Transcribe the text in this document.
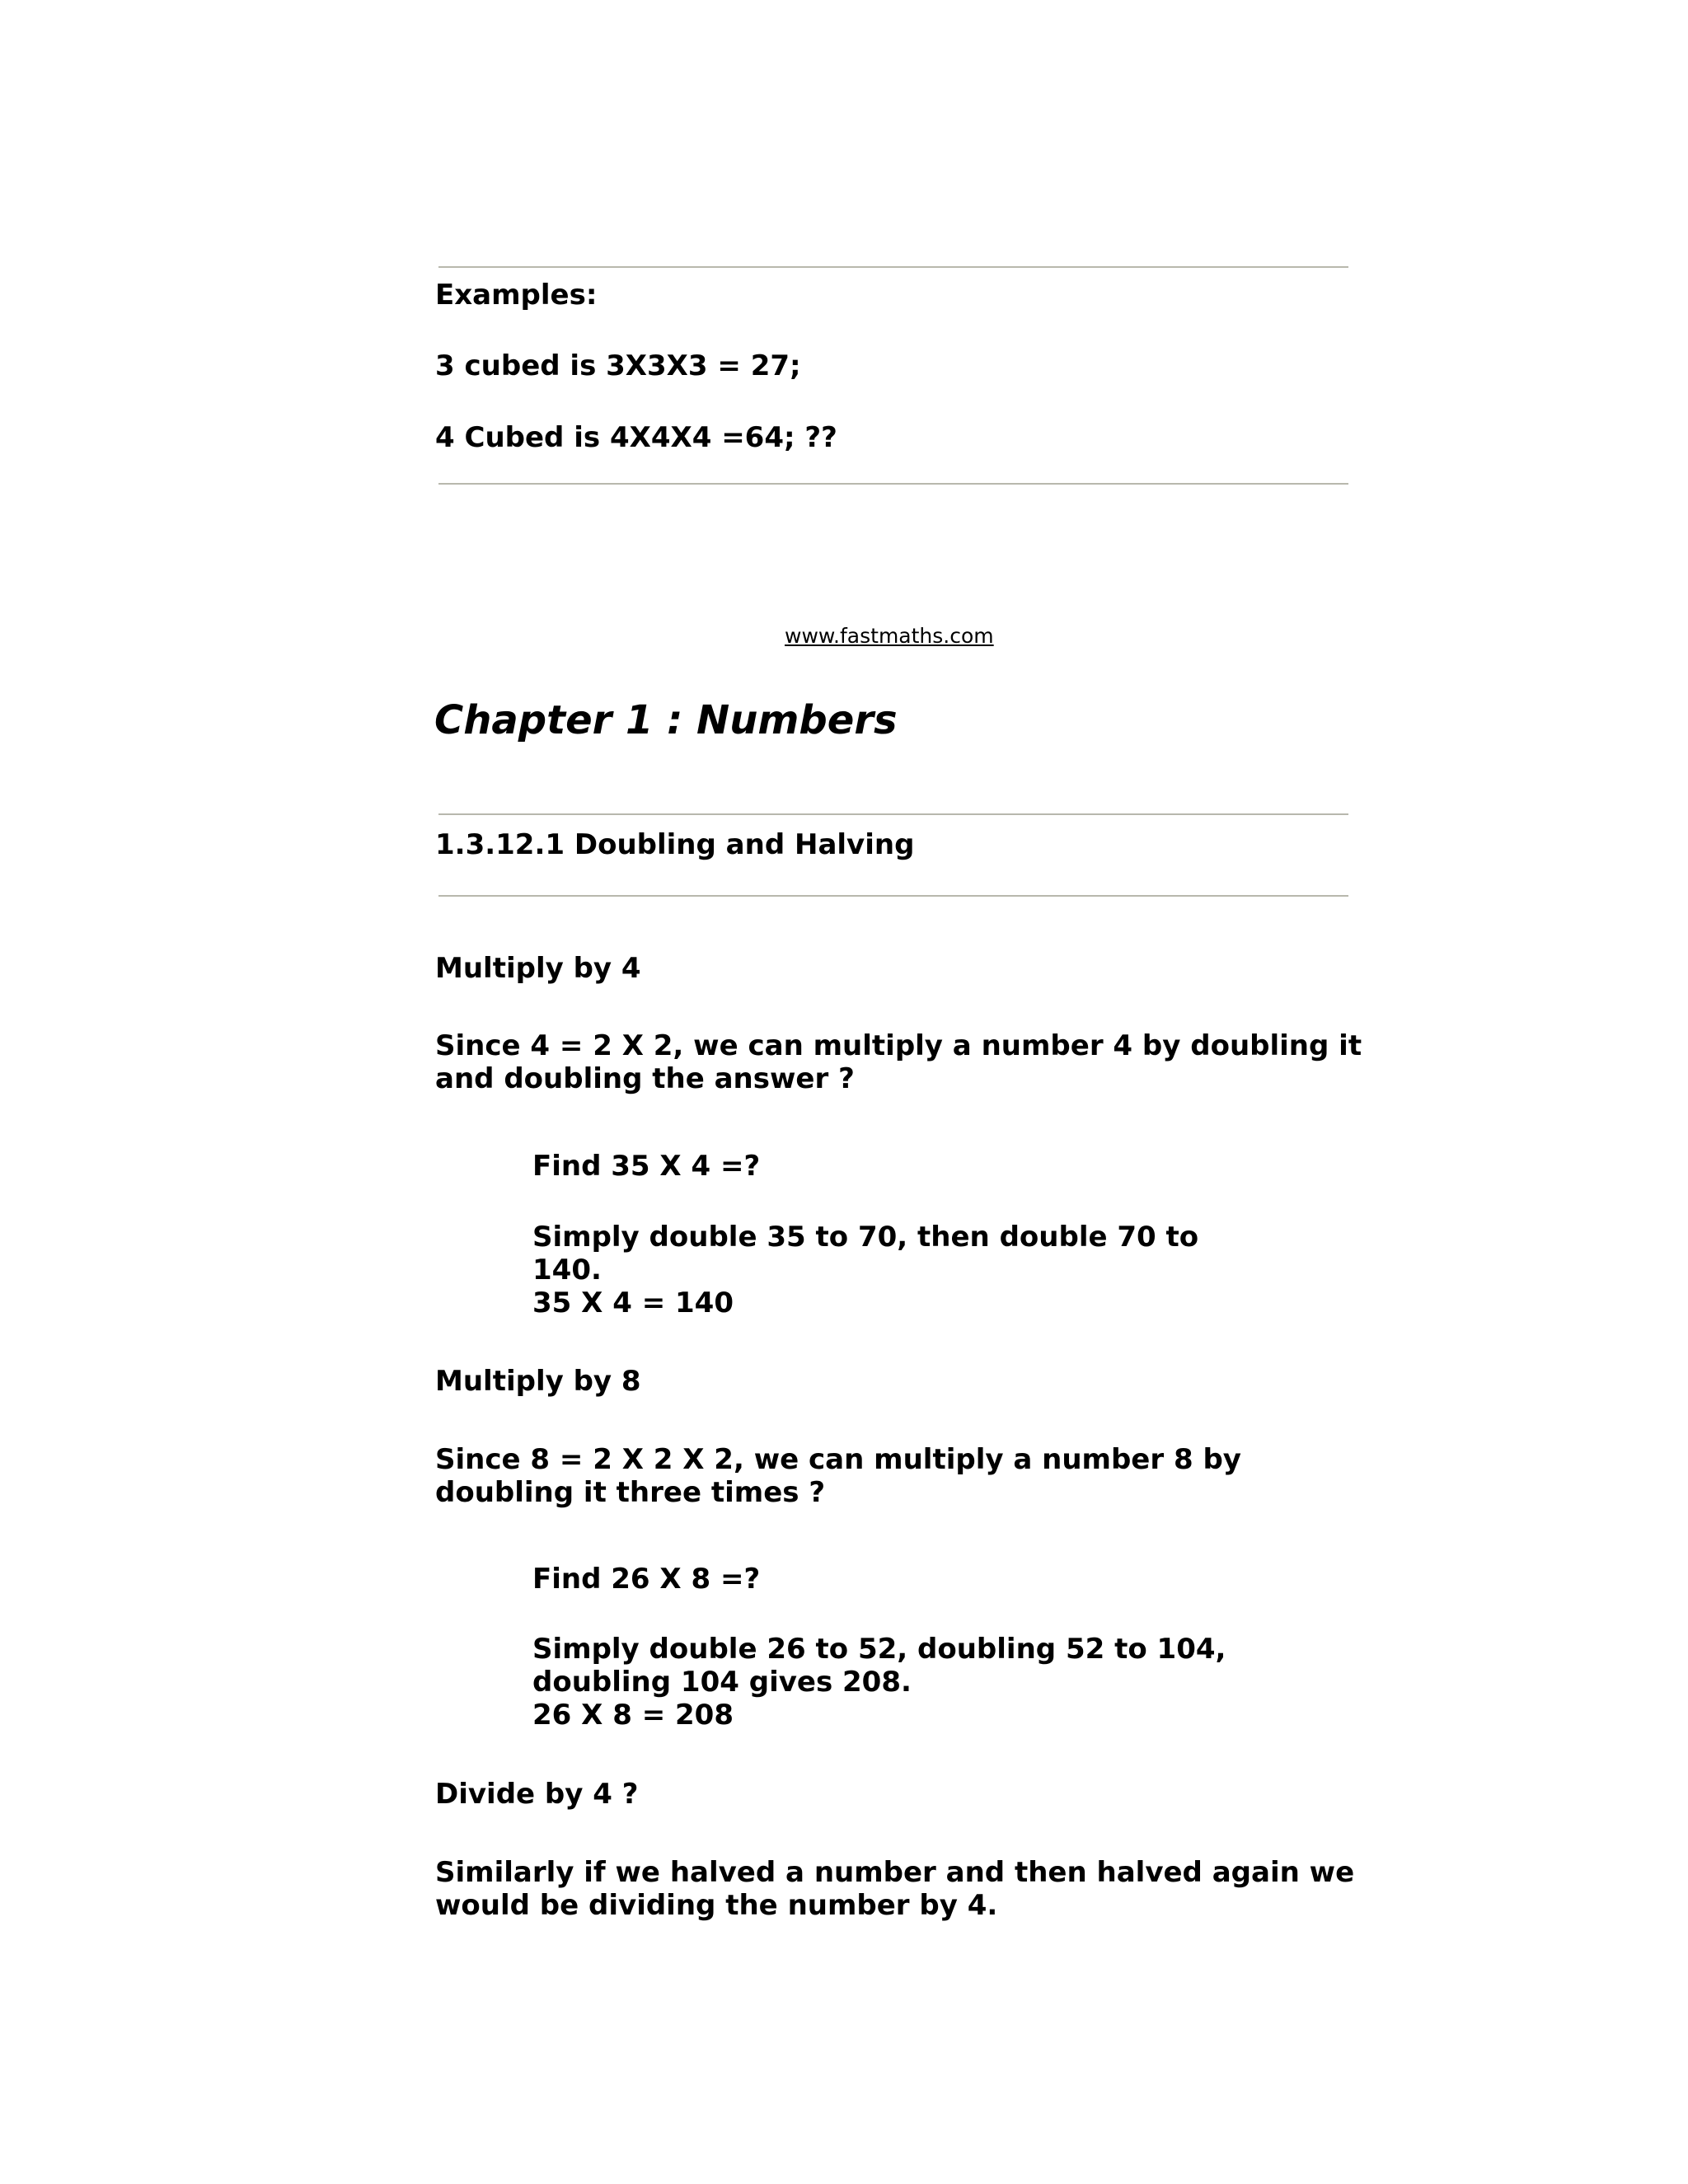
Examples:

3 cubed is 3X3X3 = 27;

4 Cubed is 4X4X4 =64; ??

www.fastmaths.com
Chapter 1 : Numbers
1.3.12.1 Doubling and Halving

Multiply by 4

Since 4 = 2 X 2, we can multiply a number 4 by doubling it

and doubling the answer ?

Find 35 X 4 =?

Simply double 35 to 70, then double 70 to

140.

35 X 4 = 140

Multiply by 8

Since 8 = 2 X 2 X 2, we can multiply a number 8 by

doubling it three times ?

Find 26 X 8 =?

Simply double 26 to 52, doubling 52 to 104,

doubling 104 gives 208.

26 X 8 = 208

Divide by 4 ?

Similarly if we halved a number and then halved again we

would be dividing the number by 4.
